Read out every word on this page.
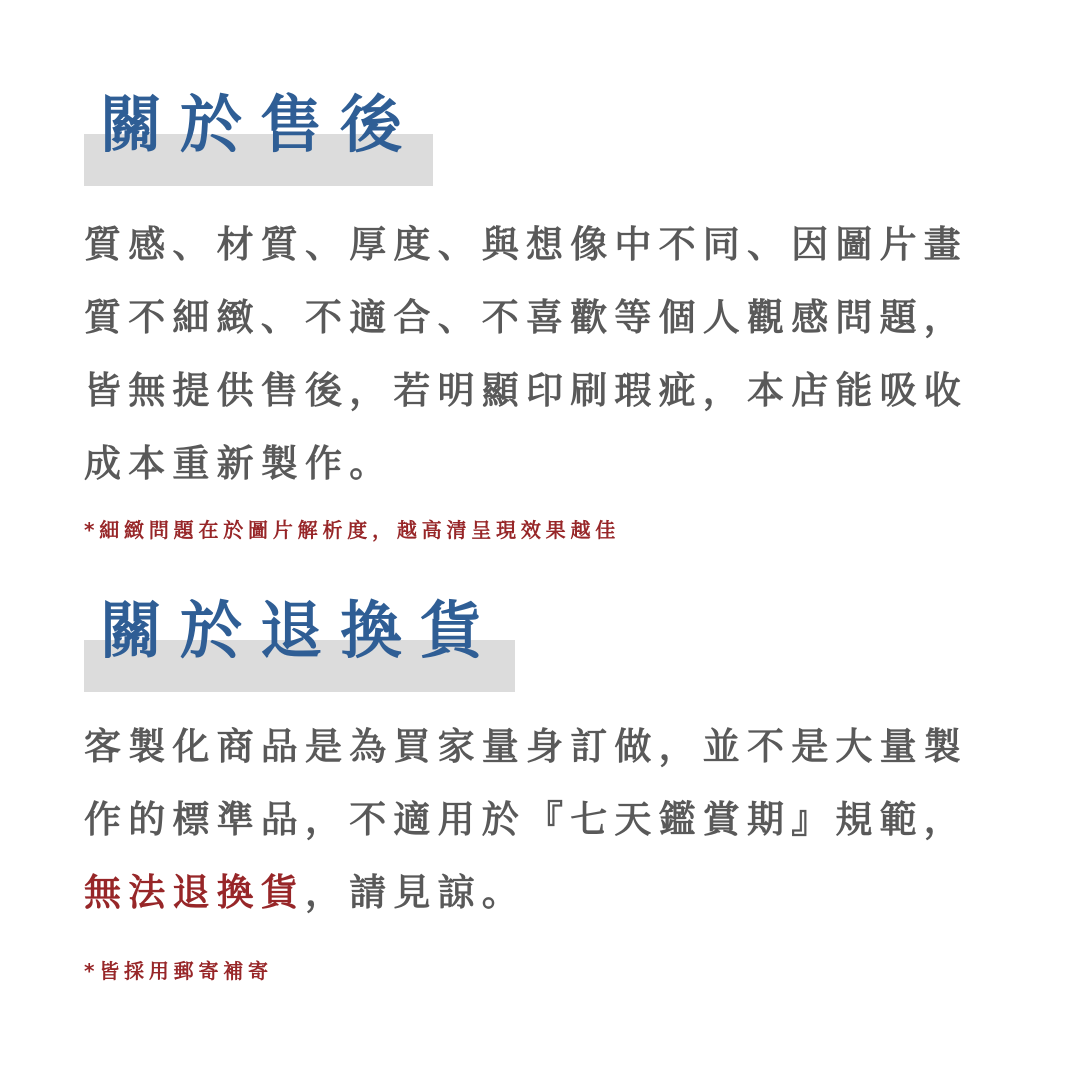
關於售後
質感、材質、厚度、與想像中不同、因圖片畫
質不細緻、不適合、不喜歡等個人觀感問題，
皆無提供售後，若明顯印刷瑕疵，本店能吸收
成本重新製作。
*細緻問題在於圖片解析度，越高清呈現效果越佳
關於退換貨
客製化商品是為買家量身訂做，並不是大量製
作的標準品，不適用於『七天鑑賞期』規範，
無法退換貨，請見諒。
*皆採用郵寄補寄
